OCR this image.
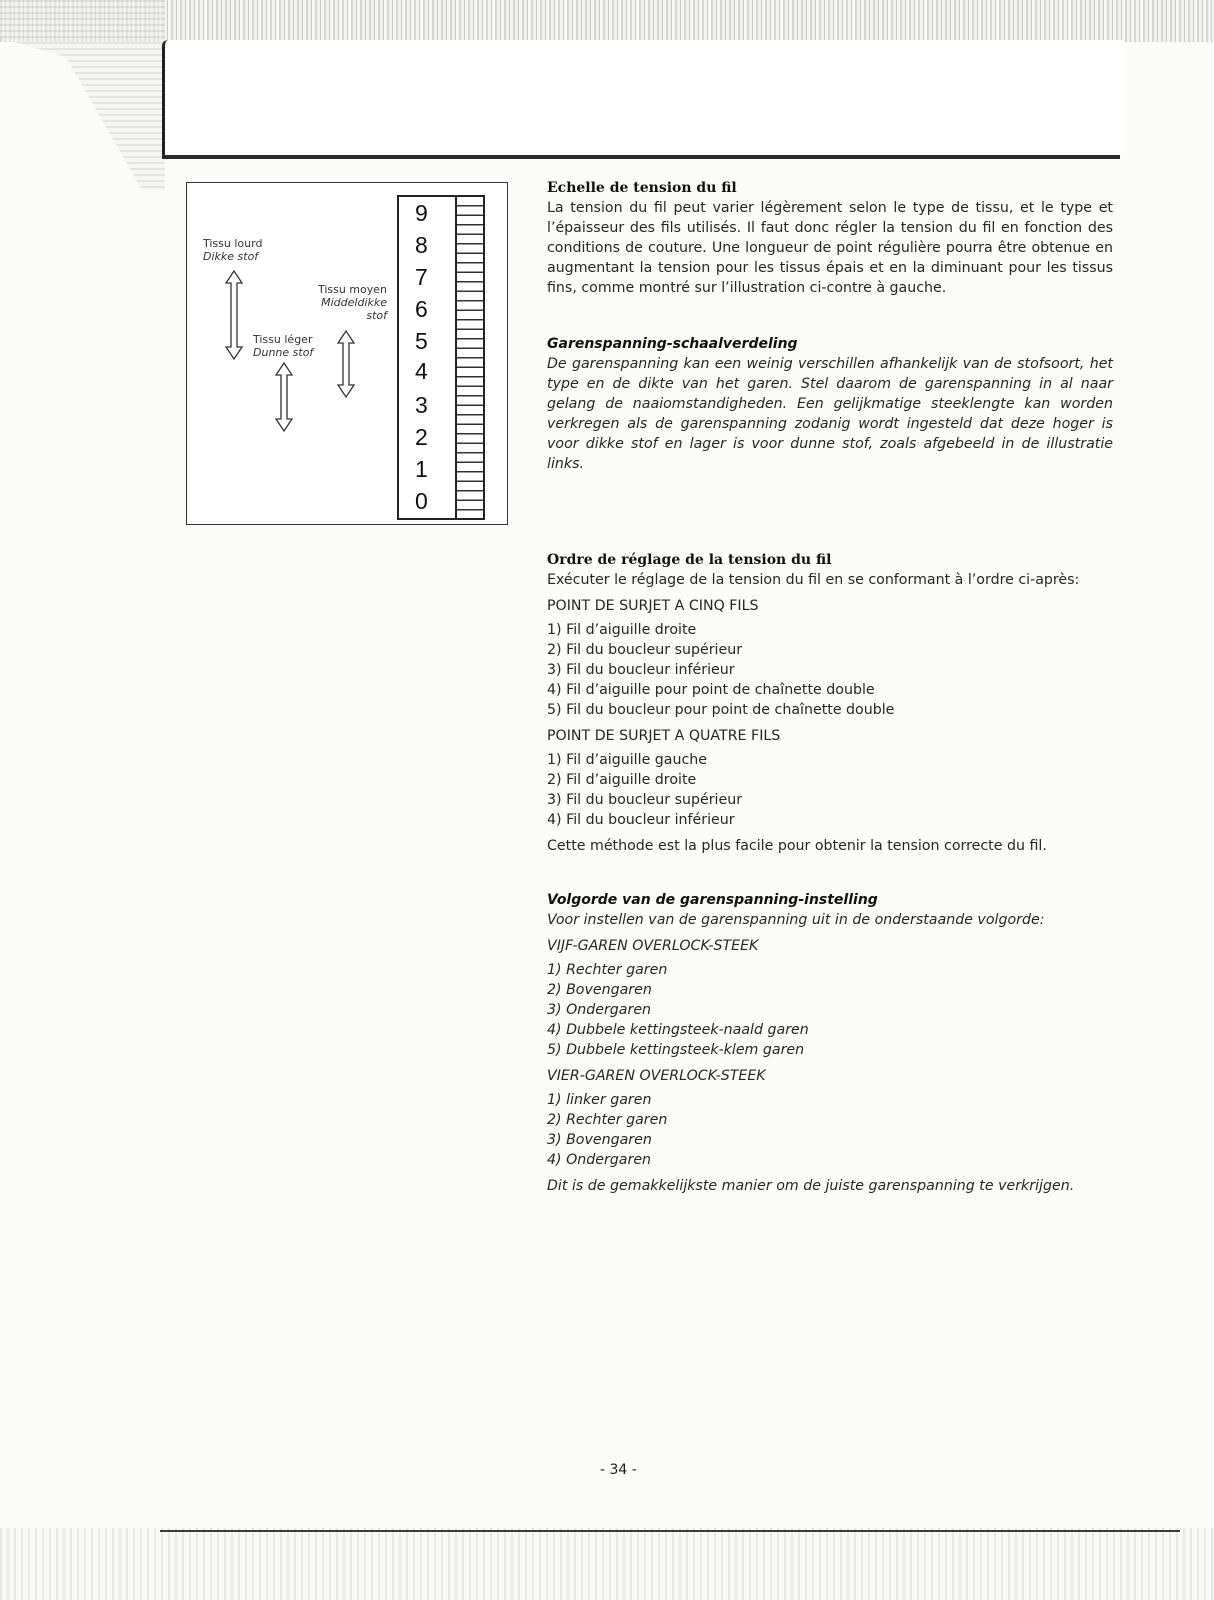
Tissu lourd
Dikke stof
Tissu moyen
Middeldikke
stof
Tissu léger
Dunne stof
9
8
7
6
5
4
3
2
1
0

Echelle de tension du fil

La tension du fil peut varier légèrement selon le type de tissu, et le type et l’épaisseur des fils utilisés. Il faut donc régler la tension du fil en fonction des conditions de couture. Une longueur de point régulière pourra être obtenue en augmentant la tension pour les tissus épais et en la diminuant pour les tissus fins, comme montré sur l’illustration ci-contre à gauche.

Garenspanning-schaalverdeling

De garenspanning kan een weinig verschillen afhankelijk van de stofsoort, het type en de dikte van het garen. Stel daarom de garenspanning in al naar gelang de naaiomstandigheden. Een gelijkmatige steeklengte kan worden verkregen als de garenspanning zodanig wordt ingesteld dat deze hoger is voor dikke stof en lager is voor dunne stof, zoals afgebeeld in de illustratie links.

Ordre de réglage de la tension du fil

Exécuter le réglage de la tension du fil en se conformant à l’ordre ci-après:

POINT DE SURJET A CINQ FILS

1) Fil d’aiguille droite
2) Fil du boucleur supérieur
3) Fil du boucleur inférieur
4) Fil d’aiguille pour point de chaînette double
5) Fil du boucleur pour point de chaînette double

POINT DE SURJET A QUATRE FILS

1) Fil d’aiguille gauche
2) Fil d’aiguille droite
3) Fil du boucleur supérieur
4) Fil du boucleur inférieur

Cette méthode est la plus facile pour obtenir la tension correcte du fil.

Volgorde van de garenspanning-instelling

Voor instellen van de garenspanning uit in de onderstaande volgorde:

VIJF-GAREN OVERLOCK-STEEK

1) Rechter garen
2) Bovengaren
3) Ondergaren
4) Dubbele kettingsteek-naald garen
5) Dubbele kettingsteek-klem garen

VIER-GAREN OVERLOCK-STEEK

1) linker garen
2) Rechter garen
3) Bovengaren
4) Ondergaren

Dit is de gemakkelijkste manier om de juiste garenspanning te verkrijgen.

- 34 -
